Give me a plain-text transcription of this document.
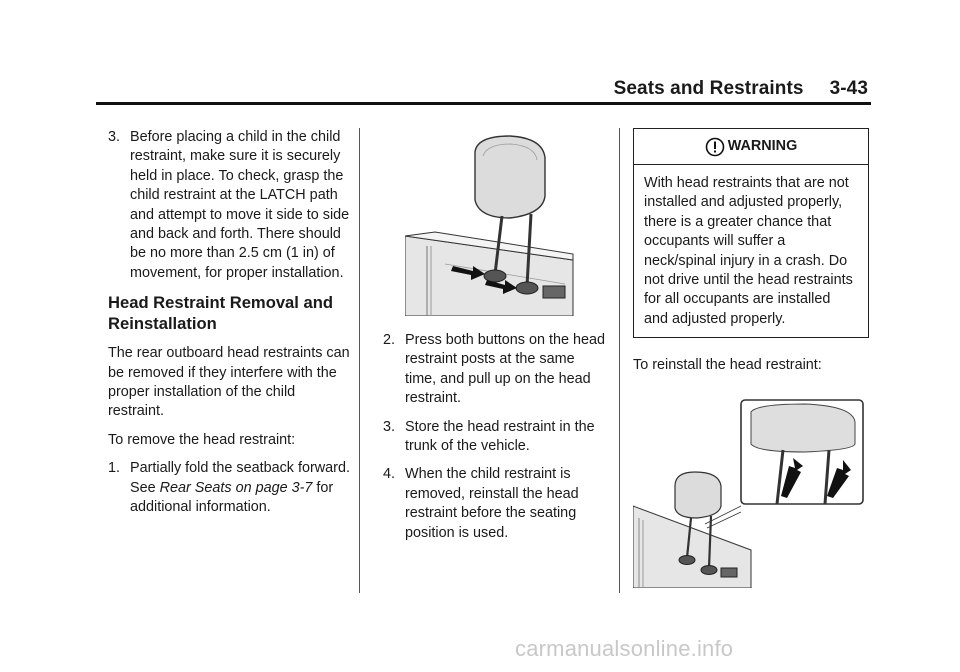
Seats and Restraints 3-43
3. Before placing a child in the child restraint, make sure it is securely held in place. To check, grasp the child restraint at the LATCH path and attempt to move it side to side and back and forth. There should be no more than 2.5 cm (1 in) of movement, for proper installation.
Head Restraint Removal and Reinstallation

The rear outboard head restraints can be removed if they interfere with the proper installation of the child restraint.

To remove the head restraint:

1. Partially fold the seatback forward. See Rear Seats on page 3-7 for additional information.
2. Press both buttons on the head restraint posts at the same time, and pull up on the head restraint.
3. Store the head restraint in the trunk of the vehicle.
4. When the child restraint is removed, reinstall the head restraint before the seating position is used.
WARNING
With head restraints that are not installed and adjusted properly, there is a greater chance that occupants will suffer a neck/spinal injury in a crash. Do not drive until the head restraints for all occupants are installed and adjusted properly.

To reinstall the head restraint:

carmanualsonline.info
